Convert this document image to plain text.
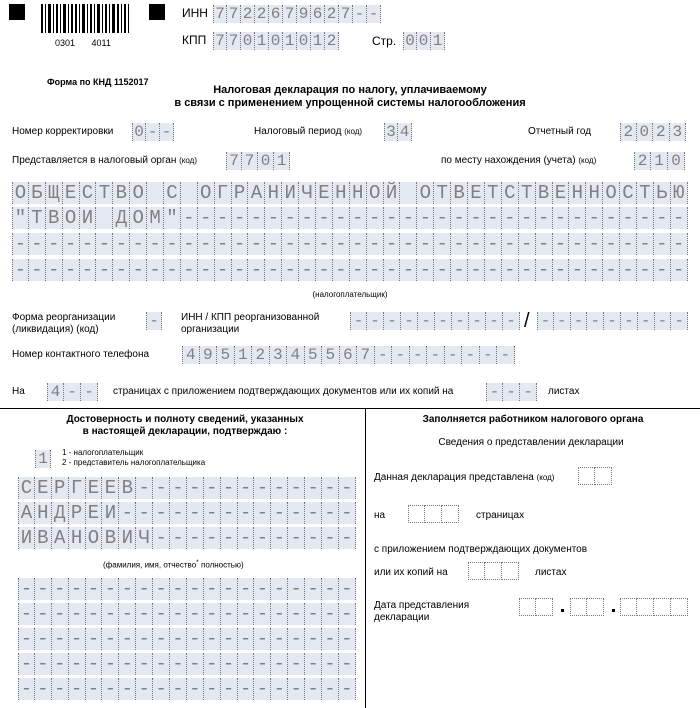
0301 4011
ИНН 7 7 2 2 6 7 9 6 2 7 - -
КПП 7 7 0 1 0 1 0 1 2	Стр. 0 0 1
Форма по КНД 1152017
Налоговая декларация по налогу, уплачиваемому
в связи с применением упрощенной системы налогообложения
Номер корректировки 0 - -	Налоговый период (код) 3 4	Отчетный год 2 0 2 3
Представляется в налоговый орган (код) 7 7 0 1	по месту нахождения (учета) (код)	2 1 0
О Б Щ Е С Т В О С О Г Р А Н И Ч Е Н Н О Й О Т В Е Т С Т В Е Н Н О С Т Ь Ю
" Т В О И Д О М " - - - - - - - - - - - - - - - - - - - - - - - - - - - - - -
- - - - - - - - - - - - - - - - - - - - - - - - - - - - - - - - - - - - - - - -
- - - - - - - - - - - - - - - - - - - - - - - - - - - - - - - - - - - - - - - -
(налогоплательщик)
Форма реорганизации
(ликвидация) (код)	-	ИНН / КПП реорганизованной
организации	- - - - - - - - - - / - - - - - - - - -
Номер контактного телефона 4 9 5 1 2 3 4 5 5 6 7 - - - - - - - -
На 4 - -	страницах с приложением подтверждающих документов или их копий на - - -	листах
Достоверность и полноту сведений, указанных
в настоящей декларации, подтверждаю :
1	1 - налогоплательщик
2 - представитель налогоплательщика
С Е Р Г Е Е В - - - - - - - - - - - - -
А Н Д Р Е И - - - - - - - - - - - - - -
И В А Н О В И Ч - - - - - - - - - - - -
(фамилия, имя, отчество* полностью)
- - - - - - - - - - - - - - - - - - - -
- - - - - - - - - - - - - - - - - - - -
- - - - - - - - - - - - - - - - - - - -
- - - - - - - - - - - - - - - - - - - -
- - - - - - - - - - - - - - - - - - - -
Заполняется работником налогового органа
Сведения о представлении декларации
Данная декларация представлена (код)
на	страницах
с приложением подтверждающих документов
или их копий на	листах
Дата представления
декларации
